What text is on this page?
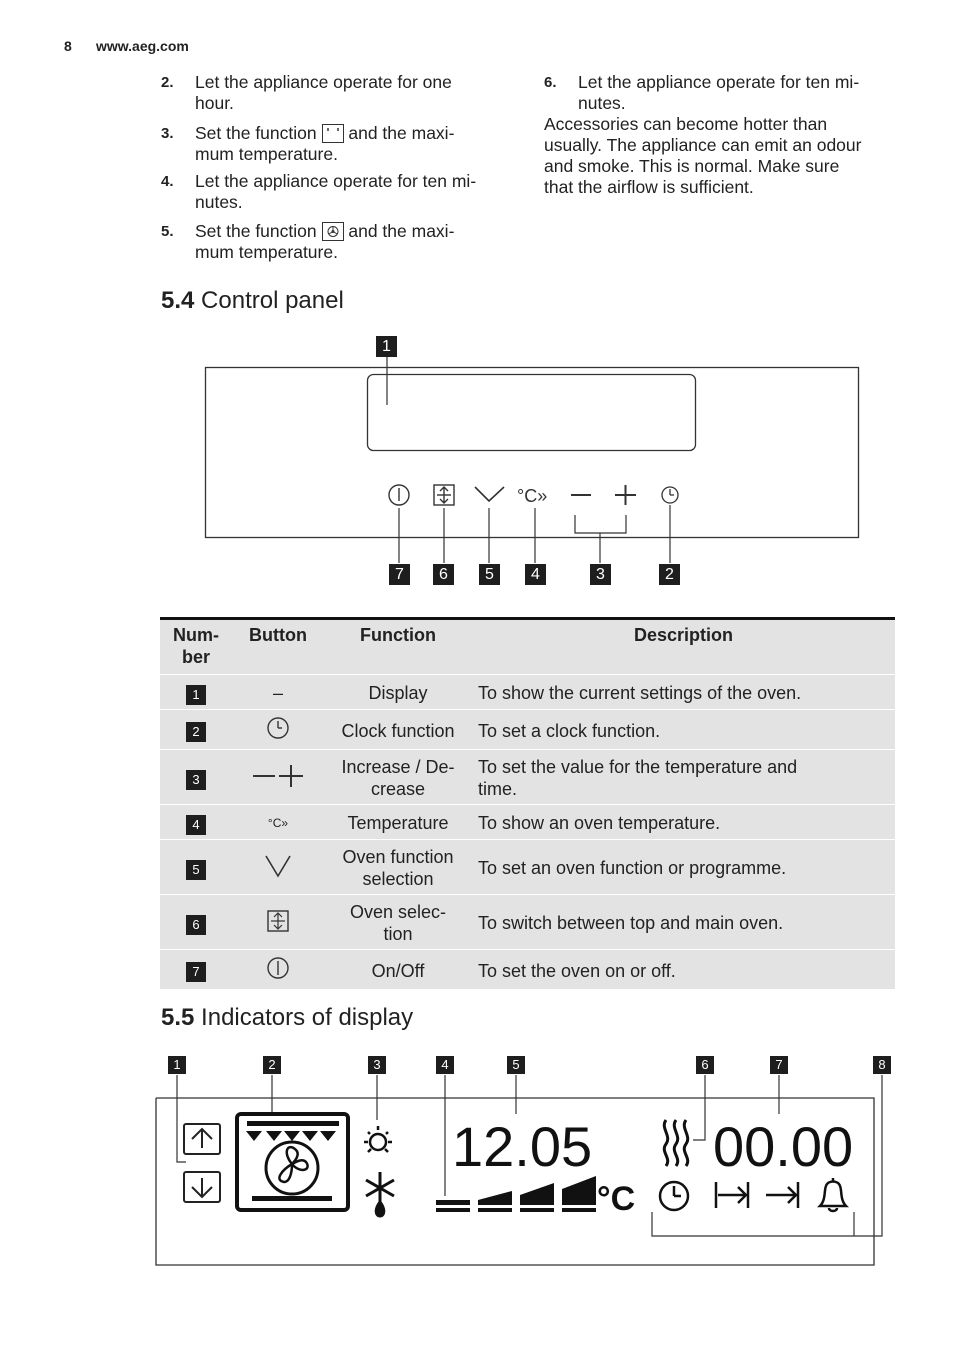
8 www.aeg.com
2. Let the appliance operate for one
hour.
3. Set the function and the maxi-
mum temperature.
4. Let the appliance operate for ten mi-
nutes.
5. Set the function and the maxi-
mum temperature.
6. Let the appliance operate for ten mi-
nutes.
Accessories can become hotter than
usually. The appliance can emit an odour
and smoke. This is normal. Make sure
that the airflow is sufficient.
5.4 Control panel
°C»
1
7	6	5	4	3	2
Num-
ber	Button	Function	Description
1	–	Display	To show the current settings of the oven.
2		Clock function	To set a clock function.
3		Increase / De-
crease	To set the value for the temperature and
time.
4	°C»	Temperature	To show an oven temperature.
5		Oven function
selection	To set an oven function or programme.
6		Oven selec-
tion	To switch between top and main oven.
7		On/Off	To set the oven on or off.
5.5 Indicators of display
12.05
°C
00.00
1	2	3	4	5	6	7	8
